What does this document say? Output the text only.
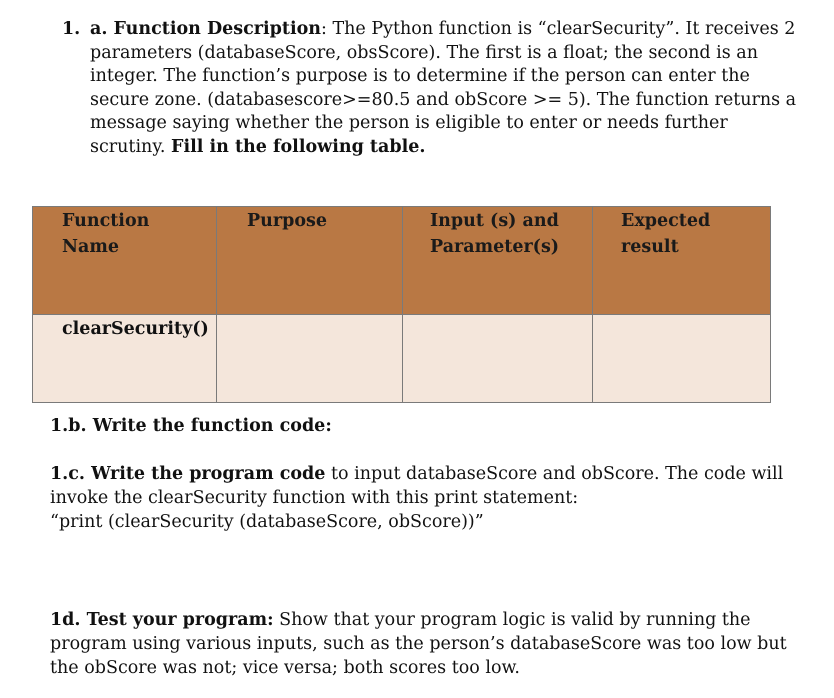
1. a. Function Description: The Python function is “clearSecurity”. It receives 2 parameters (databaseScore, obsScore). The first is a float; the second is an integer. The function’s purpose is to determine if the person can enter the secure zone. (databasescore>=80.5 and obScore >= 5). The function returns a message saying whether the person is eligible to enter or needs further scrutiny. Fill in the following table.
Function Name	Purpose	Input (s) and Parameter(s)	Expected result
clearSecurity()			
1.b. Write the function code:
1.c. Write the program code to input databaseScore and obScore. The code will invoke the clearSecurity function with this print statement:
“print (clearSecurity (databaseScore, obScore))”
1d. Test your program: Show that your program logic is valid by running the program using various inputs, such as the person’s databaseScore was too low but the obScore was not; vice versa; both scores too low.
